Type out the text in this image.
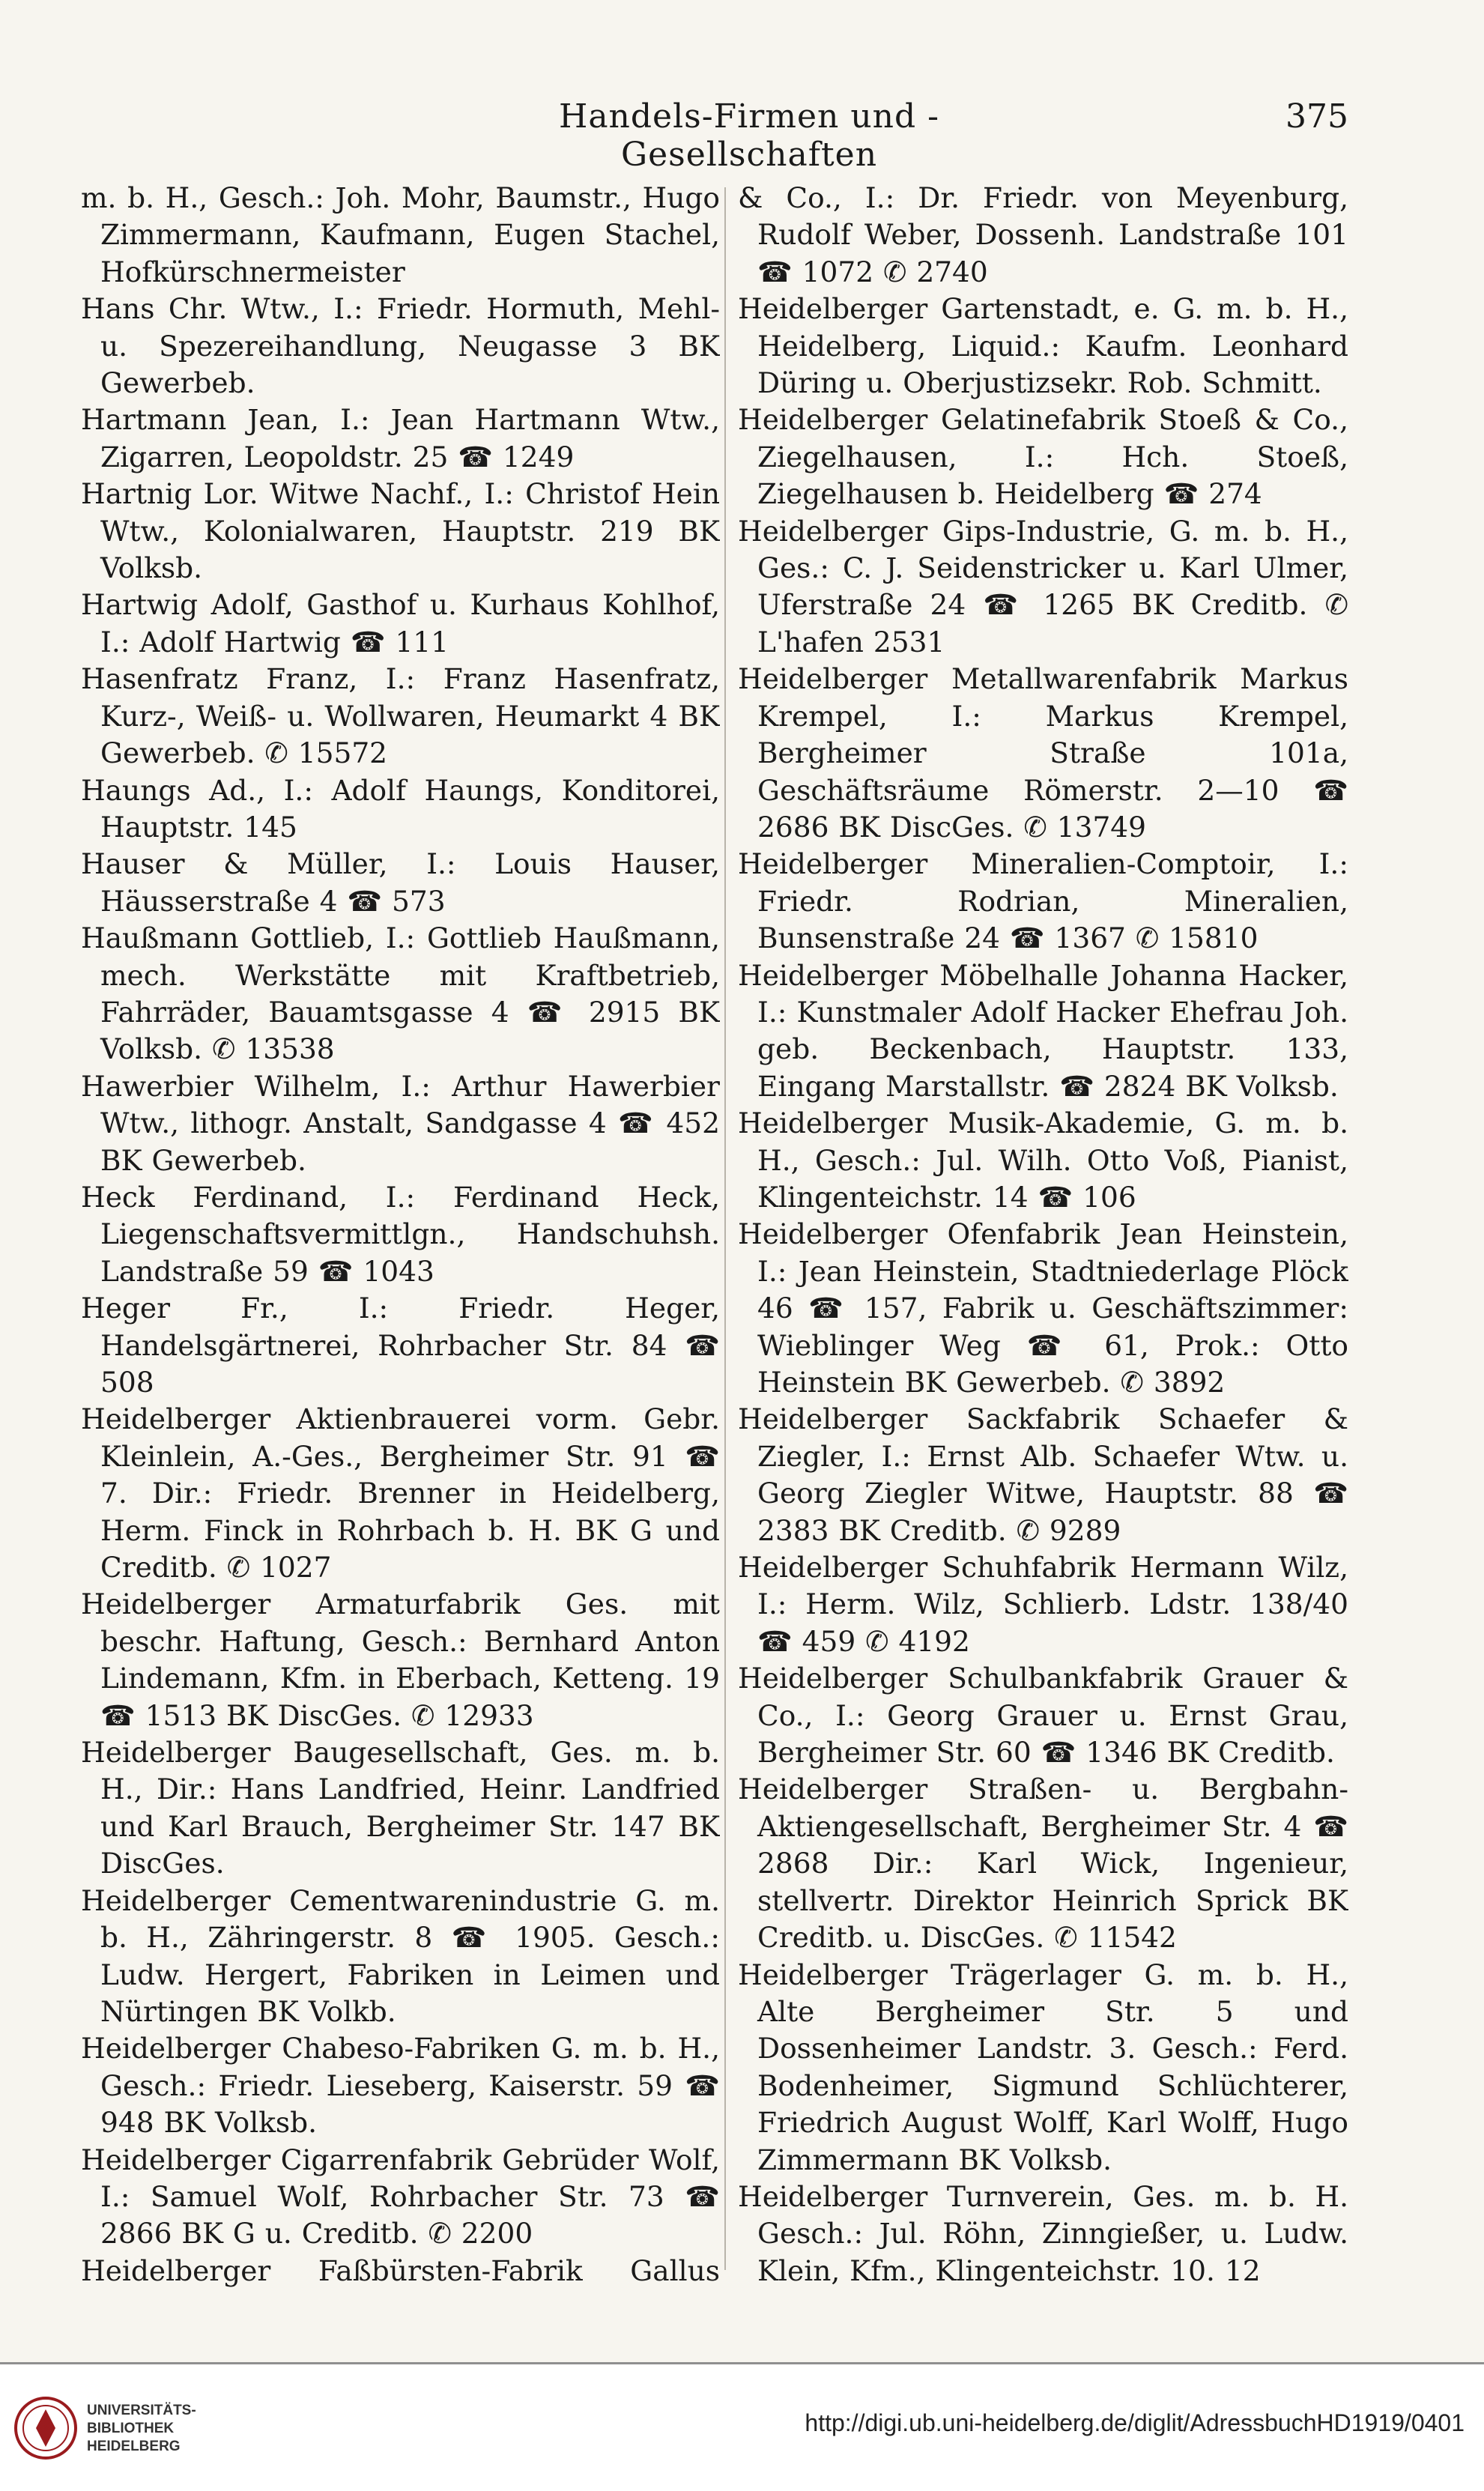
Handels-Firmen und -Gesellschaften
375

m. b. H., Gesch.: Joh. Mohr, Baumstr., Hugo Zimmermann, Kaufmann, Eugen Stachel, Hofkürschnermeister

Hans Chr. Wtw., I.: Friedr. Hormuth, Mehl- u. Spezereihandlung, Neugasse 3 BK Gewerbeb.

Hartmann Jean, I.: Jean Hartmann Wtw., Zigarren, Leopoldstr. 25 ☎ 1249

Hartnig Lor. Witwe Nachf., I.: Christof Hein Wtw., Kolonialwaren, Hauptstr. 219 BK Volksb.

Hartwig Adolf, Gasthof u. Kurhaus Kohlhof, I.: Adolf Hartwig ☎ 111

Hasenfratz Franz, I.: Franz Hasenfratz, Kurz-, Weiß- u. Wollwaren, Heumarkt 4 BK Gewerbeb. ✆ 15572

Haungs Ad., I.: Adolf Haungs, Konditorei, Hauptstr. 145

Hauser & Müller, I.: Louis Hauser, Häusserstraße 4 ☎ 573

Haußmann Gottlieb, I.: Gottlieb Haußmann, mech. Werkstätte mit Kraftbetrieb, Fahrräder, Bauamtsgasse 4 ☎ 2915 BK Volksb. ✆ 13538

Hawerbier Wilhelm, I.: Arthur Hawerbier Wtw., lithogr. Anstalt, Sandgasse 4 ☎ 452 BK Gewerbeb.

Heck Ferdinand, I.: Ferdinand Heck, Liegenschaftsvermittlgn., Handschuhsh. Landstraße 59 ☎ 1043

Heger Fr., I.: Friedr. Heger, Handelsgärtnerei, Rohrbacher Str. 84 ☎ 508

Heidelberger Aktienbrauerei vorm. Gebr. Kleinlein, A.-Ges., Bergheimer Str. 91 ☎ 7. Dir.: Friedr. Brenner in Heidelberg, Herm. Finck in Rohrbach b. H. BK G und Creditb. ✆ 1027

Heidelberger Armaturfabrik Ges. mit beschr. Haftung, Gesch.: Bernhard Anton Lindemann, Kfm. in Eberbach, Ketteng. 19 ☎ 1513 BK DiscGes. ✆ 12933

Heidelberger Baugesellschaft, Ges. m. b. H., Dir.: Hans Landfried, Heinr. Landfried und Karl Brauch, Bergheimer Str. 147 BK DiscGes.

Heidelberger Cementwarenindustrie G. m. b. H., Zähringerstr. 8 ☎ 1905. Gesch.: Ludw. Hergert, Fabriken in Leimen und Nürtingen BK Volkb.

Heidelberger Chabeso-Fabriken G. m. b. H., Gesch.: Friedr. Lieseberg, Kaiserstr. 59 ☎ 948 BK Volksb.

Heidelberger Cigarrenfabrik Gebrüder Wolf, I.: Samuel Wolf, Rohrbacher Str. 73 ☎ 2866 BK G u. Creditb. ✆ 2200

Heidelberger Faßbürsten-Fabrik Gallus

& Co., I.: Dr. Friedr. von Meyenburg, Rudolf Weber, Dossenh. Landstraße 101 ☎ 1072 ✆ 2740

Heidelberger Gartenstadt, e. G. m. b. H., Heidelberg, Liquid.: Kaufm. Leonhard Düring u. Oberjustizsekr. Rob. Schmitt.

Heidelberger Gelatinefabrik Stoeß & Co., Ziegelhausen, I.: Hch. Stoeß, Ziegelhausen b. Heidelberg ☎ 274

Heidelberger Gips-Industrie, G. m. b. H., Ges.: C. J. Seidenstricker u. Karl Ulmer, Uferstraße 24 ☎ 1265 BK Creditb. ✆ L'hafen 2531

Heidelberger Metallwarenfabrik Markus Krempel, I.: Markus Krempel, Bergheimer Straße 101a, Geschäftsräume Römerstr. 2—10 ☎ 2686 BK DiscGes. ✆ 13749

Heidelberger Mineralien-Comptoir, I.: Friedr. Rodrian, Mineralien, Bunsenstraße 24 ☎ 1367 ✆ 15810

Heidelberger Möbelhalle Johanna Hacker, I.: Kunstmaler Adolf Hacker Ehefrau Joh. geb. Beckenbach, Hauptstr. 133, Eingang Marstallstr. ☎ 2824 BK Volksb.

Heidelberger Musik-Akademie, G. m. b. H., Gesch.: Jul. Wilh. Otto Voß, Pianist, Klingenteichstr. 14 ☎ 106

Heidelberger Ofenfabrik Jean Heinstein, I.: Jean Heinstein, Stadtniederlage Plöck 46 ☎ 157, Fabrik u. Geschäftszimmer: Wieblinger Weg ☎ 61, Prok.: Otto Heinstein BK Gewerbeb. ✆ 3892

Heidelberger Sackfabrik Schaefer & Ziegler, I.: Ernst Alb. Schaefer Wtw. u. Georg Ziegler Witwe, Hauptstr. 88 ☎ 2383 BK Creditb. ✆ 9289

Heidelberger Schuhfabrik Hermann Wilz, I.: Herm. Wilz, Schlierb. Ldstr. 138/40 ☎ 459 ✆ 4192

Heidelberger Schulbankfabrik Grauer & Co., I.: Georg Grauer u. Ernst Grau, Bergheimer Str. 60 ☎ 1346 BK Creditb.

Heidelberger Straßen- u. Bergbahn-Aktiengesellschaft, Bergheimer Str. 4 ☎ 2868 Dir.: Karl Wick, Ingenieur, stellvertr. Direktor Heinrich Sprick BK Creditb. u. DiscGes. ✆ 11542

Heidelberger Trägerlager G. m. b. H., Alte Bergheimer Str. 5 und Dossenheimer Landstr. 3. Gesch.: Ferd. Bodenheimer, Sigmund Schlüchterer, Friedrich August Wolff, Karl Wolff, Hugo Zimmermann BK Volksb.

Heidelberger Turnverein, Ges. m. b. H. Gesch.: Jul. Röhn, Zinngießer, u. Ludw. Klein, Kfm., Klingenteichstr. 10. 12

UNIVERSITÄTS-
BIBLIOTHEK
HEIDELBERG
http://digi.ub.uni-heidelberg.de/diglit/AdressbuchHD1919/0401
